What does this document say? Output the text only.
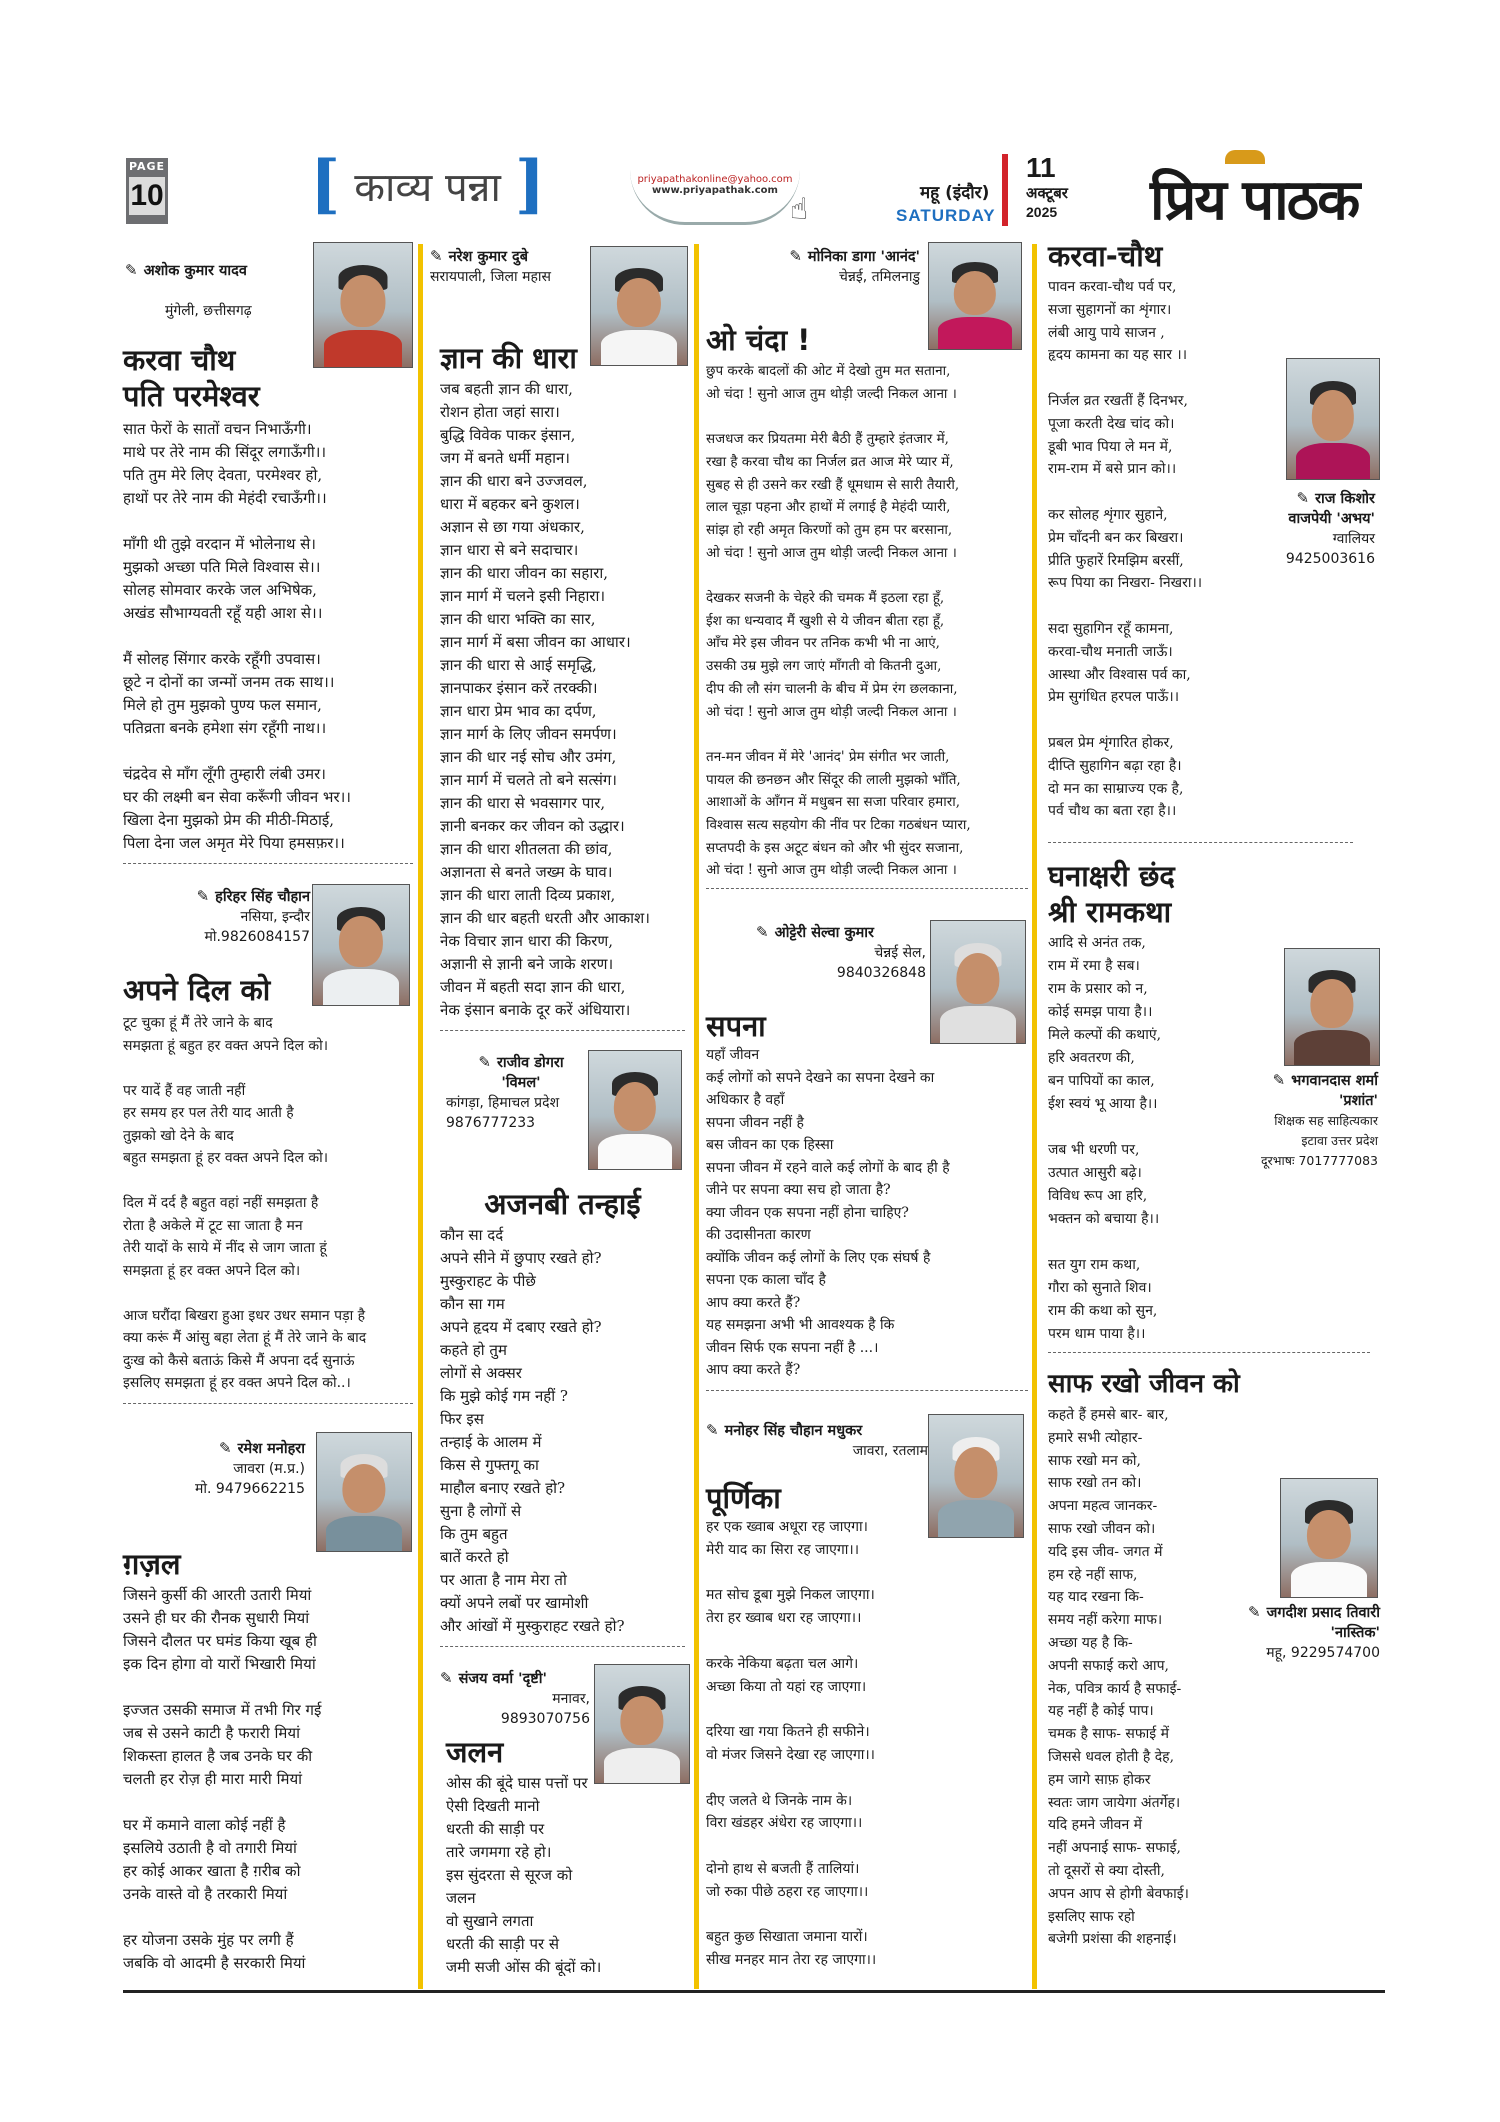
PAGE
10 [ काव्य पन्ना ]	priyapathakonline@yahoo.com
www.priyapathak.com
☝	महू (इंदौर)
SATURDAY
11
अक्टूबर
2025 प्रिय पाठक

✎ अशोक कुमार यादव

मुंगेली, छत्तीसगढ़

करवा चौथ
पति परमेश्वर

सात फेरों के सातों वचन निभाऊँगी।
माथे पर तेरे नाम की सिंदूर लगाऊँगी।।
पति तुम मेरे लिए देवता, परमेश्वर हो,
हाथों पर तेरे नाम की मेहंदी रचाऊँगी।।

माँगी थी तुझे वरदान में भोलेनाथ से।
मुझको अच्छा पति मिले विश्वास से।।
सोलह सोमवार करके जल अभिषेक,
अखंड सौभाग्यवती रहूँ यही आश से।।

मैं सोलह सिंगार करके रहूँगी उपवास।
छूटे न दोनों का जन्मों जनम तक साथ।।
मिले हो तुम मुझको पुण्य फल समान,
पतिव्रता बनके हमेशा संग रहूँगी नाथ।।

चंद्रदेव से माँग लूँगी तुम्हारी लंबी उमर।
घर की लक्ष्मी बन सेवा करूँगी जीवन भर।।
खिला देना मुझको प्रेम की मीठी-मिठाई,
पिला देना जल अमृत मेरे पिया हमसफ़र।।

✎ हरिहर सिंह चौहान
नसिया, इन्दौर
मो.9826084157

अपने दिल को

टूट चुका हूं मैं तेरे जाने के बाद
समझता हूं बहुत हर वक्त अपने दिल को।

पर यादें हैं वह जाती नहीं
हर समय हर पल तेरी याद आती है
तुझको खो देने के बाद
बहुत समझता हूं हर वक्त अपने दिल को।

दिल में दर्द है बहुत वहां नहीं समझता है
रोता है अकेले में टूट सा जाता है मन
तेरी यादों के साये में नींद से जाग जाता हूं
समझता हूं हर वक्त अपने दिल को।

आज घरौंदा बिखरा हुआ इधर उधर समान पड़ा है
क्या करूं मैं आंसु बहा लेता हूं मैं तेरे जाने के बाद
दुःख को कैसे बताऊं किसे मैं अपना दर्द सुनाऊं
इसलिए समझता हूं हर वक्त अपने दिल को..।

✎ रमेश मनोहरा
जावरा (म.प्र.)
मो. 9479662215

ग़ज़ल

जिसने कुर्सी की आरती उतारी मियां
उसने ही घर की रौनक सुधारी मियां
जिसने दौलत पर घमंड किया खूब ही
इक दिन होगा वो यारों भिखारी मियां

इज्जत उसकी समाज में तभी गिर गई
जब से उसने काटी है फरारी मियां
शिकस्ता हालत है जब उनके घर की
चलती हर रोज़ ही मारा मारी मियां

घर में कमाने वाला कोई नहीं है
इसलिये उठाती है वो तगारी मियां
हर कोई आकर खाता है ग़रीब को
उनके वास्ते वो है तरकारी मियां

हर योजना उसके मुंह पर लगी हैं
जबकि वो आदमी है सरकारी मियां

✎ नरेश कुमार दुबे
सरायपाली, जिला महास

ज्ञान की धारा

जब बहती ज्ञान की धारा,
रोशन होता जहां सारा।
बुद्धि विवेक पाकर इंसान,
जग में बनते धर्मी महान।
ज्ञान की धारा बने उज्जवल,
धारा में बहकर बने कुशल।
अज्ञान से छा गया अंधकार,
ज्ञान धारा से बने सदाचार।
ज्ञान की धारा जीवन का सहारा,
ज्ञान मार्ग में चलने इसी निहारा।
ज्ञान की धारा भक्ति का सार,
ज्ञान मार्ग में बसा जीवन का आधार।
ज्ञान की धारा से आई समृद्धि,
ज्ञानपाकर इंसान करें तरक्की।
ज्ञान धारा प्रेम भाव का दर्पण,
ज्ञान मार्ग के लिए जीवन समर्पण।
ज्ञान की धार नई सोच और उमंग,
ज्ञान मार्ग में चलते तो बने सत्संग।
ज्ञान की धारा से भवसागर पार,
ज्ञानी बनकर कर जीवन को उद्धार।
ज्ञान की धारा शीतलता की छांव,
अज्ञानता से बनते जख्म के घाव।
ज्ञान की धारा लाती दिव्य प्रकाश,
ज्ञान की धार बहती धरती और आकाश।
नेक विचार ज्ञान धारा की किरण,
अज्ञानी से ज्ञानी बने जाके शरण।
जीवन में बहती सदा ज्ञान की धारा,
नेक इंसान बनाके दूर करें अंधियारा।

✎ राजीव डोगरा
'विमल'
कांगड़ा, हिमाचल प्रदेश
9876777233

अजनबी तन्हाई

कौन सा दर्द
अपने सीने में छुपाए रखते हो?
मुस्कुराहट के पीछे
कौन सा गम
अपने हृदय में दबाए रखते हो?
कहते हो तुम
लोगों से अक्सर
कि मुझे कोई गम नहीं ?
फिर इस
तन्हाई के आलम में
किस से गुफ्तगू का
माहौल बनाए रखते हो?
सुना है लोगों से
कि तुम बहुत
बातें करते हो
पर आता है नाम मेरा तो
क्यों अपने लबों पर खामोशी
और आंखों में मुस्कुराहट रखते हो?

✎ संजय वर्मा 'दृष्टी'
मनावर,
9893070756

जलन

ओस की बूंदे घास पत्तों पर
ऐसी दिखती मानो
धरती की साड़ी पर
तारे जगमगा रहे हो।
इस सुंदरता से सूरज को जलन
वो सुखाने लगता
धरती की साड़ी पर से
जमी सजी ओंस की बूंदों को।

✎ मोनिका डागा 'आनंद'
चेन्नई, तमिलनाडु

ओ चंदा !

छुप करके बादलों की ओट में देखो तुम मत सताना,
ओ चंदा ! सुनो आज तुम थोड़ी जल्दी निकल आना ।

सजधज कर प्रियतमा मेरी बैठी हैं तुम्हारे इंतजार में,
रखा है करवा चौथ का निर्जल व्रत आज मेरे प्यार में,
सुबह से ही उसने कर रखी हैं धूमधाम से सारी तैयारी,
लाल चूड़ा पहना और हाथों में लगाई है मेहंदी प्यारी,
सांझ हो रही अमृत किरणों को तुम हम पर बरसाना,
ओ चंदा ! सुनो आज तुम थोड़ी जल्दी निकल आना ।

देखकर सजनी के चेहरे की चमक मैं इठला रहा हूँ,
ईश का धन्यवाद मैं खुशी से ये जीवन बीता रहा हूँ,
आँच मेरे इस जीवन पर तनिक कभी भी ना आएं,
उसकी उम्र मुझे लग जाएं माँगती वो कितनी दुआ,
दीप की लौ संग चालनी के बीच में प्रेम रंग छलकाना,
ओ चंदा ! सुनो आज तुम थोड़ी जल्दी निकल आना ।

तन-मन जीवन में मेरे 'आनंद' प्रेम संगीत भर जाती,
पायल की छनछन और सिंदूर की लाली मुझको भाँति,
आशाओं के आँगन में मधुबन सा सजा परिवार हमारा,
विश्वास सत्य सहयोग की नींव पर टिका गठबंधन प्यारा,
सप्तपदी के इस अटूट बंधन को और भी सुंदर सजाना,
ओ चंदा ! सुनो आज तुम थोड़ी जल्दी निकल आना ।

✎ ओट्टेरी सेल्वा कुमार
चेन्नई सेल,
9840326848

सपना

यहाँ जीवन
कई लोगों को सपने देखने का सपना देखने का
अधिकार है वहाँ
सपना जीवन नहीं है
बस जीवन का एक हिस्सा
सपना जीवन में रहने वाले कई लोगों के बाद ही है
जीने पर सपना क्या सच हो जाता है?
क्या जीवन एक सपना नहीं होना चाहिए?
की उदासीनता कारण
क्योंकि जीवन कई लोगों के लिए एक संघर्ष है
सपना एक काला चाँद है
आप क्या करते हैं?
यह समझना अभी भी आवश्यक है कि
जीवन सिर्फ एक सपना नहीं है ...।
आप क्या करते हैं?

✎ मनोहर सिंह चौहान मधुकर
जावरा, रतलाम

पूर्णिका

हर एक ख्वाब अधूरा रह जाएगा।
मेरी याद का सिरा रह जाएगा।।

मत सोच डूबा मुझे निकल जाएगा।
तेरा हर ख्वाब धरा रह जाएगा।।

करके नेकिया बढ़ता चल आगे।
अच्छा किया तो यहां रह जाएगा।

दरिया खा गया कितने ही सफीने।
वो मंजर जिसने देखा रह जाएगा।।

दीए जलते थे जिनके नाम के।
विरा खंडहर अंधेरा रह जाएगा।।

दोनो हाथ से बजती हैं तालियां।
जो रुका पीछे ठहरा रह जाएगा।।

बहुत कुछ सिखाता जमाना यारों।
सीख मनहर मान तेरा रह जाएगा।।

करवा-चौथ

पावन करवा-चौथ पर्व पर,
सजा सुहागनों का शृंगार।
लंबी आयु पाये साजन ,
हृदय कामना का यह सार ।।

निर्जल व्रत रखतीं हैं दिनभर,
पूजा करती देख चांद को।
डूबी भाव पिया ले मन में,
राम-राम में बसे प्रान को।।

कर सोलह शृंगार सुहाने,
प्रेम चाँदनी बन कर बिखरा।
प्रीति फुहारें रिमझिम बरसीं,
रूप पिया का निखरा- निखरा।।

सदा सुहागिन रहूँ कामना,
करवा-चौथ मनाती जाऊँ।
आस्था और विश्वास पर्व का,
प्रेम सुगंधित हरपल पाऊँ।।

प्रबल प्रेम शृंगारित होकर,
दीप्ति सुहागिन बढ़ा रहा है।
दो मन का साम्राज्य एक है,
पर्व चौथ का बता रहा है।।

✎ राज किशोर
वाजपेयी 'अभय'
ग्वालियर
9425003616

घनाक्षरी छंद
श्री रामकथा

आदि से अनंत तक,
राम में रमा है सब।
राम के प्रसार को न,
कोई समझ पाया है।।
मिले कल्पों की कथाएं,
हरि अवतरण की,
बन पापियों का काल,
ईश स्वयं भू आया है।।

जब भी धरणी पर,
उत्पात आसुरी बढ़े।
विविध रूप आ हरि,
भक्तन को बचाया है।।

सत युग राम कथा,
गौरा को सुनाते शिव।
राम की कथा को सुन,
परम धाम पाया है।।

✎ भगवानदास शर्मा
'प्रशांत'
शिक्षक सह साहित्यकार
इटावा उत्तर प्रदेश
दूरभाषः 7017777083

साफ रखो जीवन को

कहते हैं हमसे बार- बार,
हमारे सभी त्योहार-
साफ रखो मन को,
साफ रखो तन को।
अपना महत्व जानकर-
साफ रखो जीवन को।
यदि इस जीव- जगत में
हम रहे नहीं साफ,
यह याद रखना कि-
समय नहीं करेगा माफ।
अच्छा यह है कि-
अपनी सफाई करो आप,
नेक, पवित्र कार्य है सफाई-
यह नहीं है कोई पाप।
चमक है साफ- सफाई में
जिससे धवल होती है देह,
हम जागे साफ़ होकर
स्वतः जाग जायेगा अंतर्गेह।
यदि हमने जीवन में
नहीं अपनाई साफ- सफाई,
तो दूसरों से क्या दोस्ती,
अपन आप से होगी बेवफाई।
इसलिए साफ रहो
बजेगी प्रशंसा की शहनाई।

✎ जगदीश प्रसाद तिवारी
'नास्तिक'
महू, 9229574700
